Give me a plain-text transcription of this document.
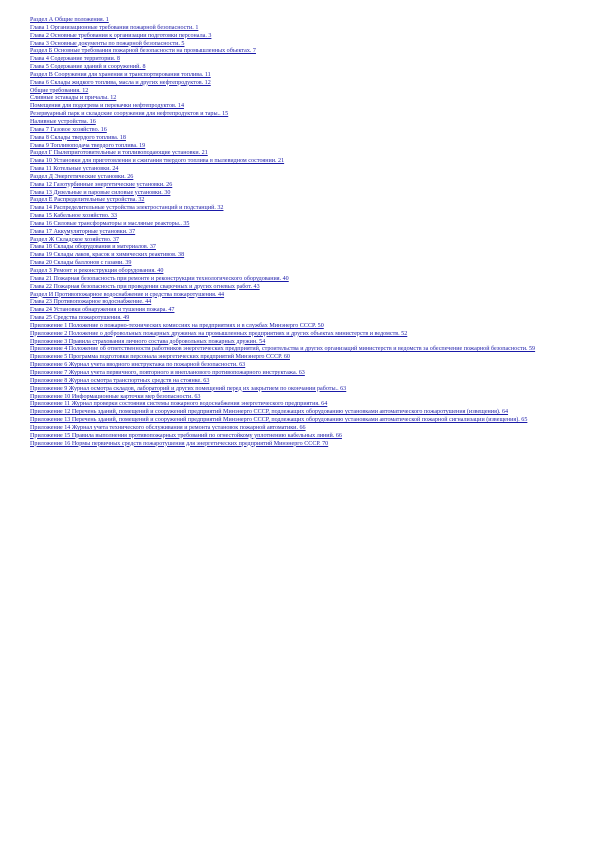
Раздел А Общие положения. 1
Глава 1 Организационные требования пожарной безопасности. 1
Глава 2 Основные требования к организации подготовки персонала. 3
Глава 3 Основные документы по пожарной безопасности. 5
Раздел Б Основные требования пожарной безопасности на промышленных объектах. 7
Глава 4 Содержание территории. 8
Глава 5 Содержание зданий и сооружений. 8
Раздел В Сооружения для хранения и транспортирования топлива. 11
Глава 6 Склады жидкого топлива, масла и других нефтепродуктов. 12
Общие требования. 12
Сливные эстакады и причалы. 12
Помещения для подогрева и перекачки нефтепродуктов. 14
Резервуарный парк и складские сооружения для нефтепродуктов и тары.. 15
Наливные устройства. 16
Глава 7 Газовое хозяйство. 16
Глава 8 Склады твердого топлива. 18
Глава 9 Топливоподача твердого топлива. 19
Раздел Г Пылеприготовительные и топливоподающие установки. 21
Глава 10 Установки для приготовления и сжигания твердого топлива в пылевидном состоянии. 21
Глава 11 Котельные установки. 24
Раздел Д Энергетические установки. 26
Глава 12 Газотурбинные энергетические установки. 26
Глава 13 Дизельные и паровые силовые установки. 30
Раздел Е Распределительные устройства. 32
Глава 14 Распределительные устройства электростанций и подстанций. 32
Глава 15 Кабельное хозяйство. 33
Глава 16 Силовые трансформаторы и масляные реакторы.. 35
Глава 17 Аккумуляторные установки. 37
Раздел Ж Складское хозяйство. 37
Глава 18 Склады оборудования и материалов. 37
Глава 19 Склады лаков, красок и химических реактивов. 38
Глава 20 Склады баллонов с газами. 39
Раздел З Ремонт и реконструкция оборудования. 40
Глава 21 Пожарная безопасность при ремонте и реконструкции технологического оборудования. 40
Глава 22 Пожарная безопасность при проведении сварочных и других огневых работ. 43
Раздел И Противопожарное водоснабжение и средства пожаротушения. 44
Глава 23 Противопожарное водоснабжение. 44
Глава 24 Установки обнаружения и тушения пожара. 47
Глава 25 Средства пожаротушения. 49
Приложение 1 Положение о пожарно-технических комиссиях на предприятиях и в службах Минэнерго СССР. 50
Приложение 2 Положение о добровольных пожарных дружинах на промышленных предприятиях и других объектах министерств и ведомств. 52
Приложение 3 Правила страхования личного состава добровольных пожарных дружин. 54
Приложение 4 Положение об ответственности работников энергетических предприятий, строительства и других организаций министерств и ведомств за обеспечение пожарной безопасности. 59
Приложение 5 Программа подготовки персонала энергетических предприятий Минэнерго СССР. 60
Приложение 6 Журнал учета вводного инструктажа по пожарной безопасности. 63
Приложение 7 Журнал учета первичного, повторного и внепланового противопожарного инструктажа. 63
Приложение 8 Журнал осмотра транспортных средств на стоянке. 63
Приложение 9 Журнал осмотра складов, лабораторий и других помещений перед их закрытием по окончании работы.. 63
Приложение 10 Информационные карточки мер безопасности. 63
Приложение 11 Журнал проверки состояния системы пожарного водоснабжения энергетического предприятия. 64
Приложение 12 Перечень зданий, помещений и сооружений предприятий Минэнерго СССР, подлежащих оборудованию установками автоматического пожаротушения (извещения). 64
Приложение 13 Перечень зданий, помещений и сооружений предприятий Минэнерго СССР, подлежащих оборудованию установками автоматической пожарной сигнализации (извещения). 65
Приложение 14 Журнал учета технического обслуживания и ремонта установок пожарной автоматики. 66
Приложение 15 Правила выполнения противопожарных требований по огнестойкому уплотнению кабельных линий. 66
Приложение 16 Нормы первичных средств пожаротушения для энергетических предприятий Минэнерго СССР. 70
